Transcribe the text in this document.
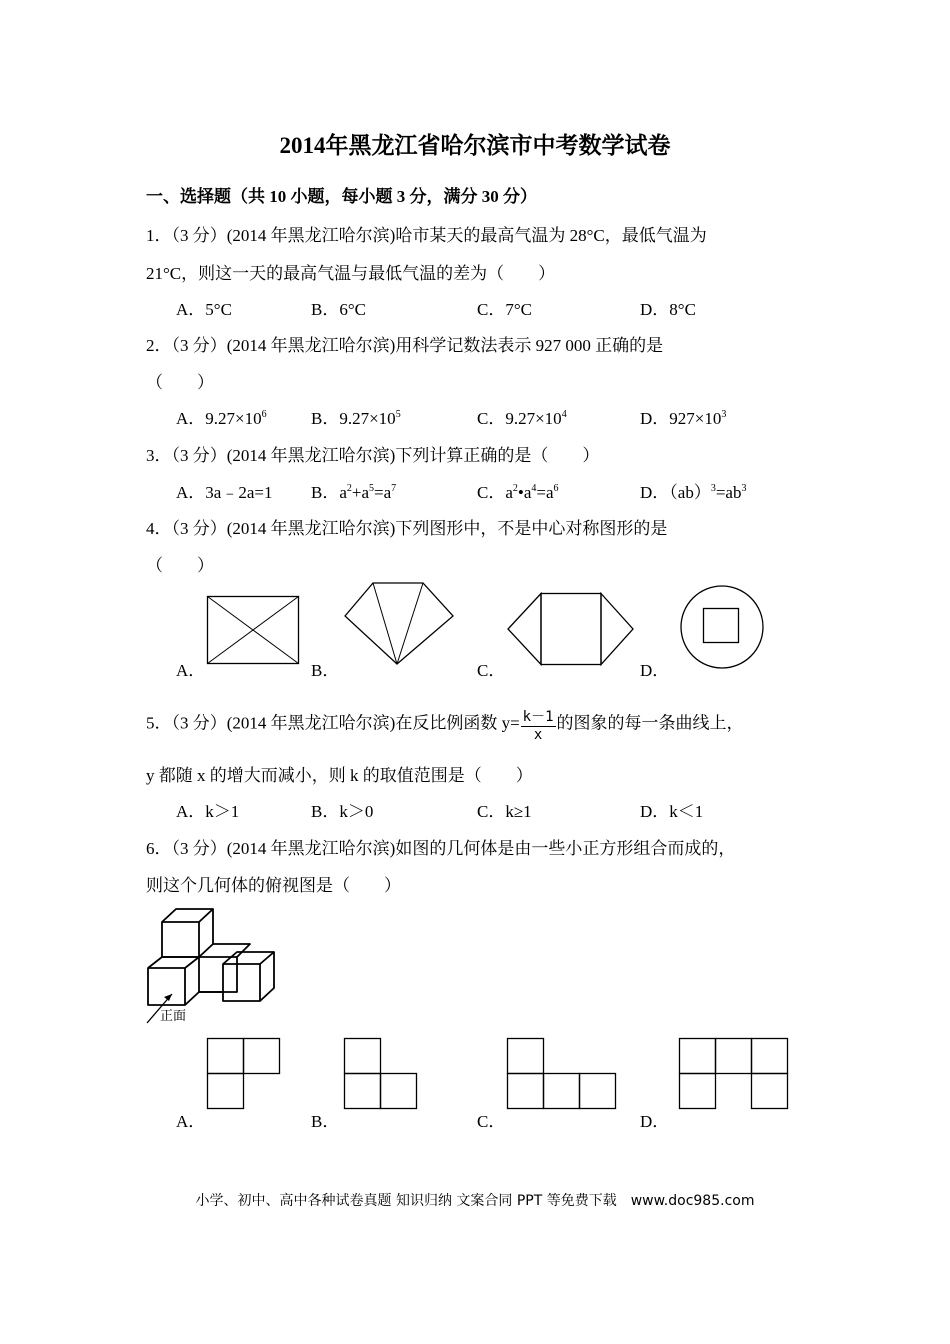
2014年黑龙江省哈尔滨市中考数学试卷
一、选择题（共 10 小题，每小题 3 分，满分 30 分）
1．（3 分）(2014 年黑龙江哈尔滨)哈市某天的最高气温为 28°C，最低气温为
21°C，则这一天的最高气温与最低气温的差为（　　）
A．5°C	B．6°C	C．7°C	D．8°C
2．（3 分）(2014 年黑龙江哈尔滨)用科学记数法表示 927 000 正确的是
（　　）
A．$9.27\times 10^6$	B．$9.27\times 10^5$	C．$9.27\times 10^4$	D．$927\times 10^3$
3．（3 分）(2014 年黑龙江哈尔滨)下列计算正确的是（　　）
A．3a﹣2a=1 B．$a^2+a^5=a^7$	C．$a^2•a^4=a^6$	D．$(ab)^3=ab^3$
4．（3 分）(2014 年黑龙江哈尔滨)下列图形中，不是中心对称图形的是
（　　）
A．	B．	C．	D．
5．（3 分）(2014 年黑龙江哈尔滨)在反比例函数 $y= \frac{k-1}{x}$ 的图象的每一条曲线上，
y 都随 x 的增大而减小，则 k 的取值范围是（　　）
A．k＞1	B．k＞0	C．k≥1	D．k＜1
6．（3 分）(2014 年黑龙江哈尔滨)如图的几何体是由一些小正方形组合而成的，
则这个几何体的俯视图是（　　）
正面
A．	B．	C．	D．
小学、初中、高中各种试卷真题 知识归纳 文案合同 PPT 等免费下载　www.doc985.com
